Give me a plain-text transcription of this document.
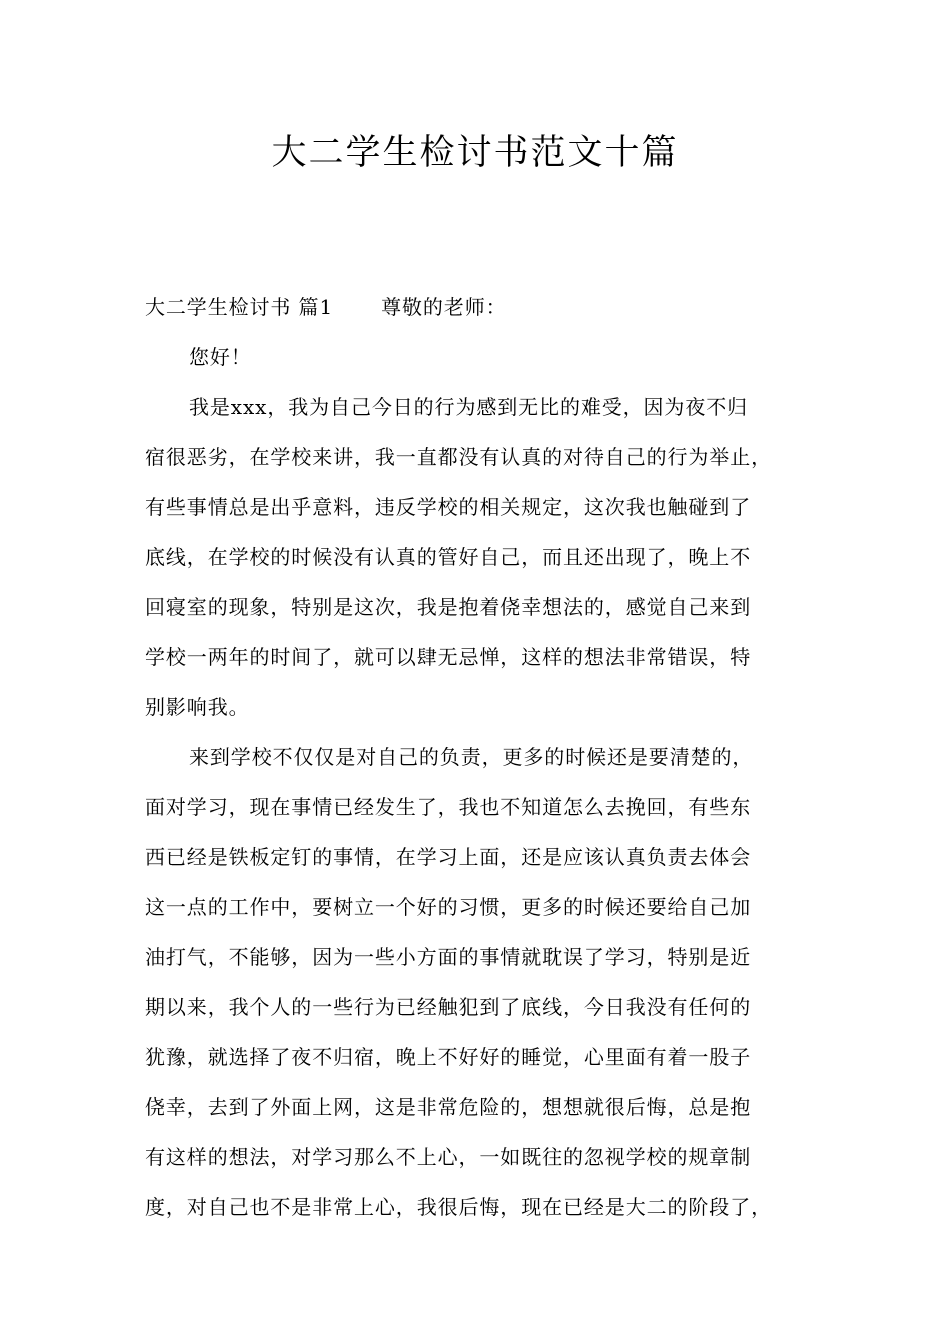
大二学生检讨书范文十篇
大二学生检讨书 篇1 尊敬的老师：
您好！
我是xxx，我为自己今日的行为感到无比的难受，因为夜不归
宿很恶劣，在学校来讲，我一直都没有认真的对待自己的行为举止，
有些事情总是出乎意料，违反学校的相关规定，这次我也触碰到了
底线，在学校的时候没有认真的管好自己，而且还出现了，晚上不
回寝室的现象，特别是这次，我是抱着侥幸想法的，感觉自己来到
学校一两年的时间了，就可以肆无忌惮，这样的想法非常错误，特
别影响我。
来到学校不仅仅是对自己的负责，更多的时候还是要清楚的，
面对学习，现在事情已经发生了，我也不知道怎么去挽回，有些东
西已经是铁板定钉的事情，在学习上面，还是应该认真负责去体会
这一点的工作中，要树立一个好的习惯，更多的时候还要给自己加
油打气，不能够，因为一些小方面的事情就耽误了学习，特别是近
期以来，我个人的一些行为已经触犯到了底线，今日我没有任何的
犹豫，就选择了夜不归宿，晚上不好好的睡觉，心里面有着一股子
侥幸，去到了外面上网，这是非常危险的，想想就很后悔，总是抱
有这样的想法，对学习那么不上心，一如既往的忽视学校的规章制
度，对自己也不是非常上心，我很后悔，现在已经是大二的阶段了，
